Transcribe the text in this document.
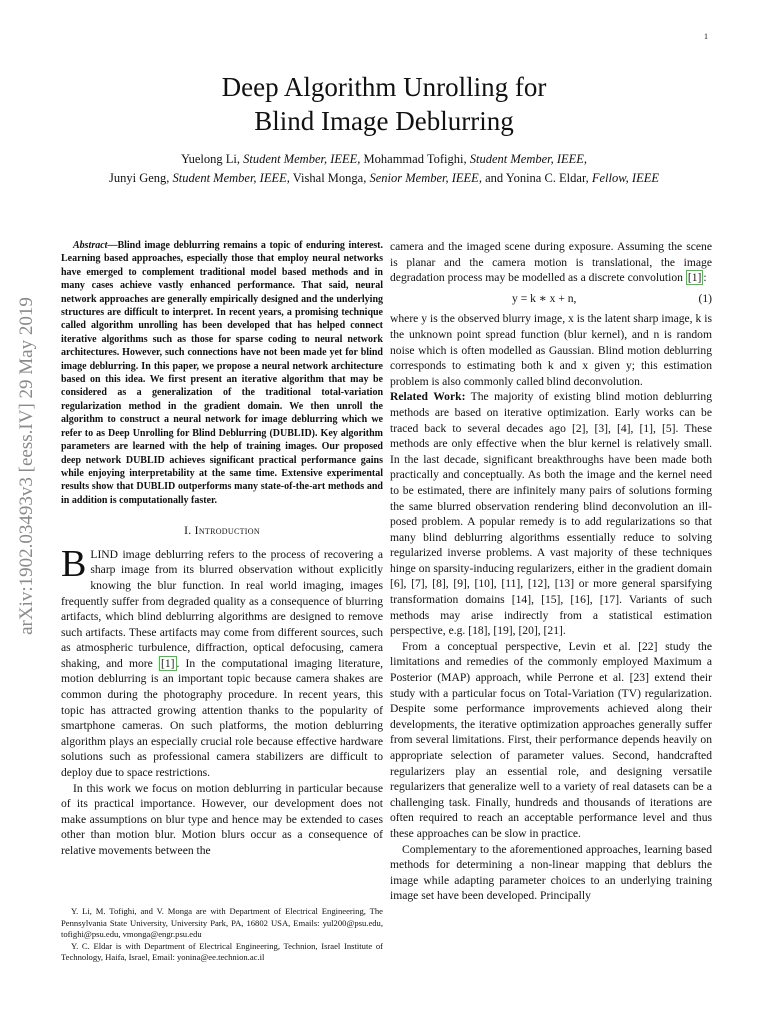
1
arXiv:1902.03493v3 [eess.IV] 29 May 2019
Deep Algorithm Unrolling for
Blind Image Deblurring
Yuelong Li, Student Member, IEEE, Mohammad Tofighi, Student Member, IEEE,
Junyi Geng, Student Member, IEEE, Vishal Monga, Senior Member, IEEE, and Yonina C. Eldar, Fellow, IEEE

Abstract—Blind image deblurring remains a topic of enduring interest. Learning based approaches, especially those that employ neural networks have emerged to complement traditional model based methods and in many cases achieve vastly enhanced performance. That said, neural network approaches are generally empirically designed and the underlying structures are difficult to interpret. In recent years, a promising technique called algorithm unrolling has been developed that has helped connect iterative algorithms such as those for sparse coding to neural network architectures. However, such connections have not been made yet for blind image deblurring. In this paper, we propose a neural network architecture based on this idea. We first present an iterative algorithm that may be considered as a generalization of the traditional total-variation regularization method in the gradient domain. We then unroll the algorithm to construct a neural network for image deblurring which we refer to as Deep Unrolling for Blind Deblurring (DUBLID). Key algorithm parameters are learned with the help of training images. Our proposed deep network DUBLID achieves significant practical performance gains while enjoying interpretability at the same time. Extensive experimental results show that DUBLID outperforms many state-of-the-art methods and in addition is computationally faster.

I. Introduction

BLIND image deblurring refers to the process of recovering a sharp image from its blurred observation without explicitly knowing the blur function. In real world imaging, images frequently suffer from degraded quality as a consequence of blurring artifacts, which blind deblurring algorithms are designed to remove such artifacts. These artifacts may come from different sources, such as atmospheric turbulence, diffraction, optical defocusing, camera shaking, and more [1] . In the computational imaging literature, motion deblurring is an important topic because camera shakes are common during the photography procedure. In recent years, this topic has attracted growing attention thanks to the popularity of smartphone cameras. On such platforms, the motion deblurring algorithm plays an especially crucial role because effective hardware solutions such as professional camera stabilizers are difficult to deploy due to space restrictions.

In this work we focus on motion deblurring in particular because of its practical importance. However, our development does not make assumptions on blur type and hence may be extended to cases other than motion blur. Motion blurs occur as a consequence of relative movements between the

Y. Li, M. Tofighi, and V. Monga are with Department of Electrical Engineering, The Pennsylvania State University, University Park, PA, 16802 USA, Emails: yul200@psu.edu, tofighi@psu.edu, vmonga@engr.psu.edu

Y. C. Eldar is with Department of Electrical Engineering, Technion, Israel Institute of Technology, Haifa, Israel, Email: yonina@ee.technion.ac.il

camera and the imaged scene during exposure. Assuming the scene is planar and the camera motion is translational, the image degradation process may be modelled as a discrete convolution [1] :

y = k ∗ x + n,	(1)

where y is the observed blurry image, x is the latent sharp image, k is the unknown point spread function (blur kernel), and n is random noise which is often modelled as Gaussian. Blind motion deblurring corresponds to estimating both k and x given y; this estimation problem is also commonly called blind deconvolution.

Related Work: The majority of existing blind motion deblurring methods are based on iterative optimization. Early works can be traced back to several decades ago [2], [3], [4], [1], [5]. These methods are only effective when the blur kernel is relatively small. In the last decade, significant breakthroughs have been made both practically and conceptually. As both the image and the kernel need to be estimated, there are infinitely many pairs of solutions forming the same blurred observation rendering blind deconvolution an ill-posed problem. A popular remedy is to add regularizations so that many blind deblurring algorithms essentially reduce to solving regularized inverse problems. A vast majority of these techniques hinge on sparsity-inducing regularizers, either in the gradient domain [6], [7], [8], [9], [10], [11], [12], [13] or more general sparsifying transformation domains [14], [15], [16], [17]. Variants of such methods may arise indirectly from a statistical estimation perspective, e.g. [18], [19], [20], [21].

From a conceptual perspective, Levin et al. [22] study the limitations and remedies of the commonly employed Maximum a Posterior (MAP) approach, while Perrone et al. [23] extend their study with a particular focus on Total-Variation (TV) regularization. Despite some performance improvements achieved along their developments, the iterative optimization approaches generally suffer from several limitations. First, their performance depends heavily on appropriate selection of parameter values. Second, handcrafted regularizers play an essential role, and designing versatile regularizers that generalize well to a variety of real datasets can be a challenging task. Finally, hundreds and thousands of iterations are often required to reach an acceptable performance level and thus these approaches can be slow in practice.

Complementary to the aforementioned approaches, learning based methods for determining a non-linear mapping that deblurs the image while adapting parameter choices to an underlying training image set have been developed. Principally
